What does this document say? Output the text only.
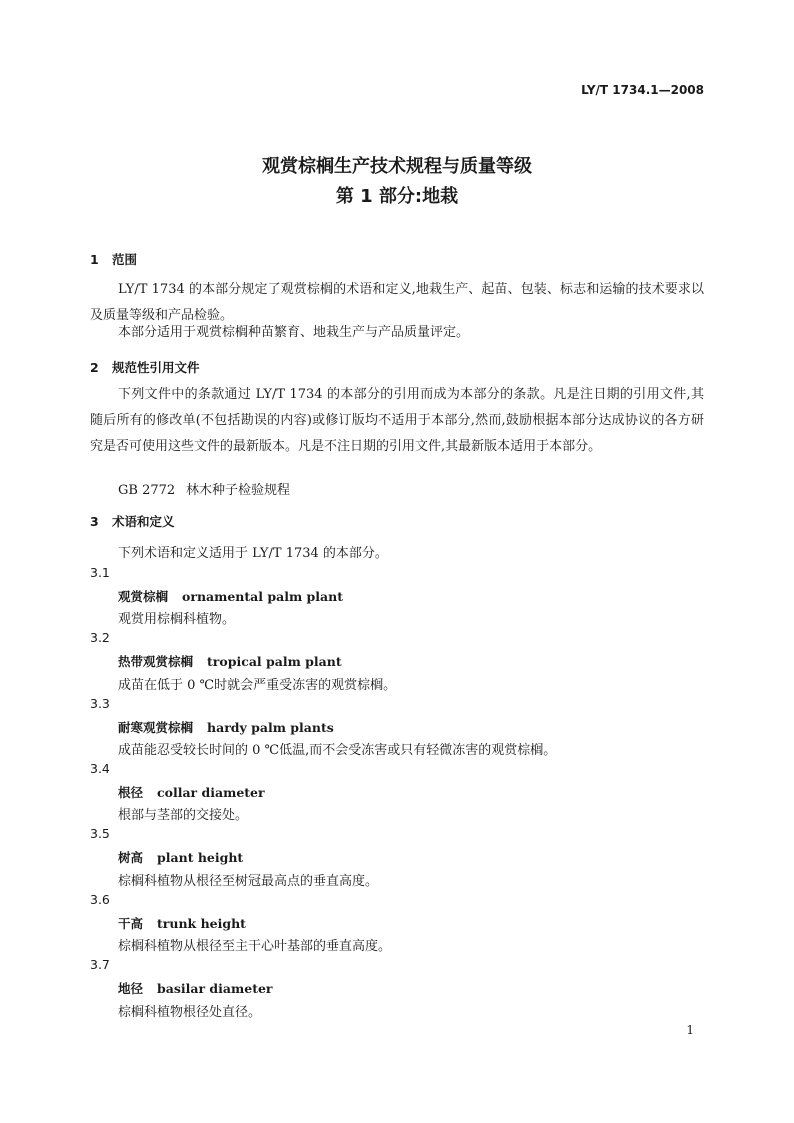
LY/T 1734.1—2008
观赏棕榈生产技术规程与质量等级
第 1 部分:地栽
1 范围
LY/T 1734 的本部分规定了观赏棕榈的术语和定义,地栽生产、起苗、包装、标志和运输的技术要求以及质量等级和产品检验。
本部分适用于观赏棕榈种苗繁育、地栽生产与产品质量评定。
2 规范性引用文件
下列文件中的条款通过 LY/T 1734 的本部分的引用而成为本部分的条款。凡是注日期的引用文件,其随后所有的修改单(不包括勘误的内容)或修订版均不适用于本部分,然而,鼓励根据本部分达成协议的各方研究是否可使用这些文件的最新版本。凡是不注日期的引用文件,其最新版本适用于本部分。
GB 2772 林木种子检验规程
3 术语和定义
下列术语和定义适用于 LY/T 1734 的本部分。
3.1
观赏棕榈 ornamental palm plant
观赏用棕榈科植物。
3.2
热带观赏棕榈 tropical palm plant
成苗在低于 0 ℃时就会严重受冻害的观赏棕榈。
3.3
耐寒观赏棕榈 hardy palm plants
成苗能忍受较长时间的 0 ℃低温,而不会受冻害或只有轻微冻害的观赏棕榈。
3.4
根径 collar diameter
根部与茎部的交接处。
3.5
树高 plant height
棕榈科植物从根径至树冠最高点的垂直高度。
3.6
干高 trunk height
棕榈科植物从根径至主干心叶基部的垂直高度。
3.7
地径 basilar diameter
棕榈科植物根径处直径。
1
